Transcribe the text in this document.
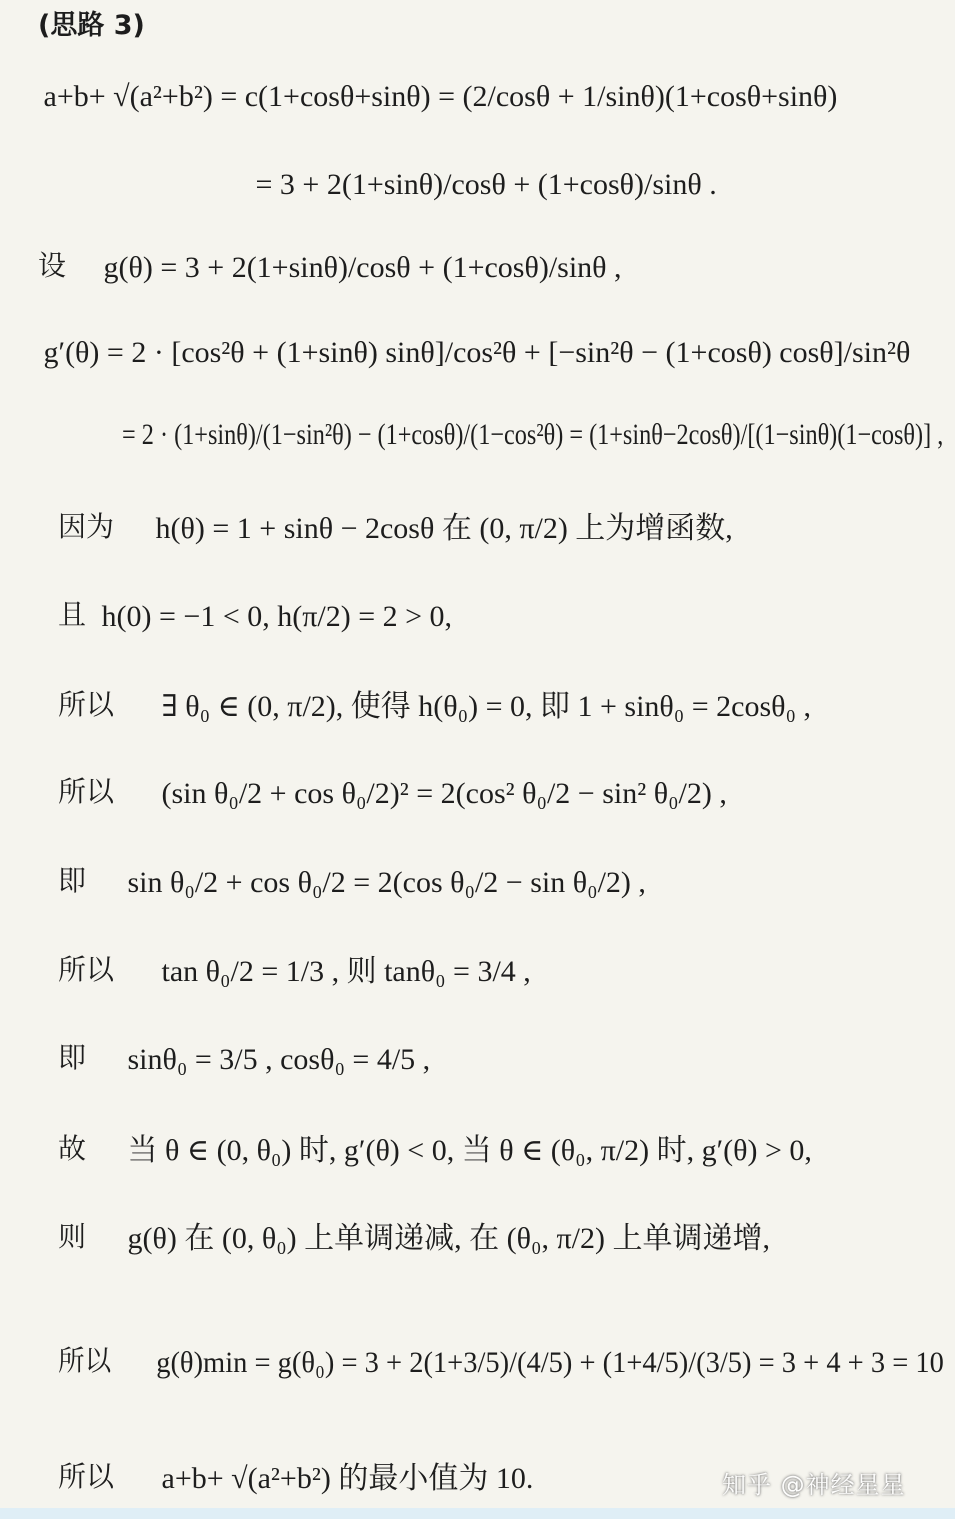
(思路 3)
a+b+ √(a²+b²) = c(1+cosθ+sinθ) = (2/cosθ + 1/sinθ)(1+cosθ+sinθ)
= 3 + 2(1+sinθ)/cosθ + (1+cosθ)/sinθ .
设 g(θ) = 3 + 2(1+sinθ)/cosθ + (1+cosθ)/sinθ ,
g′(θ) = 2 · [cos²θ + (1+sinθ) sinθ]/cos²θ + [−sin²θ − (1+cosθ) cosθ]/sin²θ
= 2 · (1+sinθ)/(1−sin²θ) − (1+cosθ)/(1−cos²θ) = (1+sinθ−2cosθ)/[(1−sinθ)(1−cosθ)] ,
因为 h(θ) = 1 + sinθ − 2cosθ 在 (0, π/2) 上为增函数,
且 h(0) = −1 < 0, h(π/2) = 2 > 0,
所以 ∃ θ₀ ∈ (0, π/2), 使得 h(θ₀) = 0, 即 1 + sinθ₀ = 2cosθ₀ ,
所以 (sin θ₀/2 + cos θ₀/2)² = 2(cos² θ₀/2 − sin² θ₀/2) ,
即 sin θ₀/2 + cos θ₀/2 = 2(cos θ₀/2 − sin θ₀/2) ,
所以 tan θ₀/2 = 1/3 , 则 tanθ₀ = 3/4 ,
即 sinθ₀ = 3/5 , cosθ₀ = 4/5 ,
故 当 θ ∈ (0, θ₀) 时, g′(θ) < 0, 当 θ ∈ (θ₀, π/2) 时, g′(θ) > 0,
则 g(θ) 在 (0, θ₀) 上单调递减, 在 (θ₀, π/2) 上单调递增,
所以 g(θ)min = g(θ₀) = 3 + 2(1+3/5)/(4/5) + (1+4/5)/(3/5) = 3 + 4 + 3 = 10
所以 a+b+ √(a²+b²) 的最小值为 10.	知乎 @神经星星
